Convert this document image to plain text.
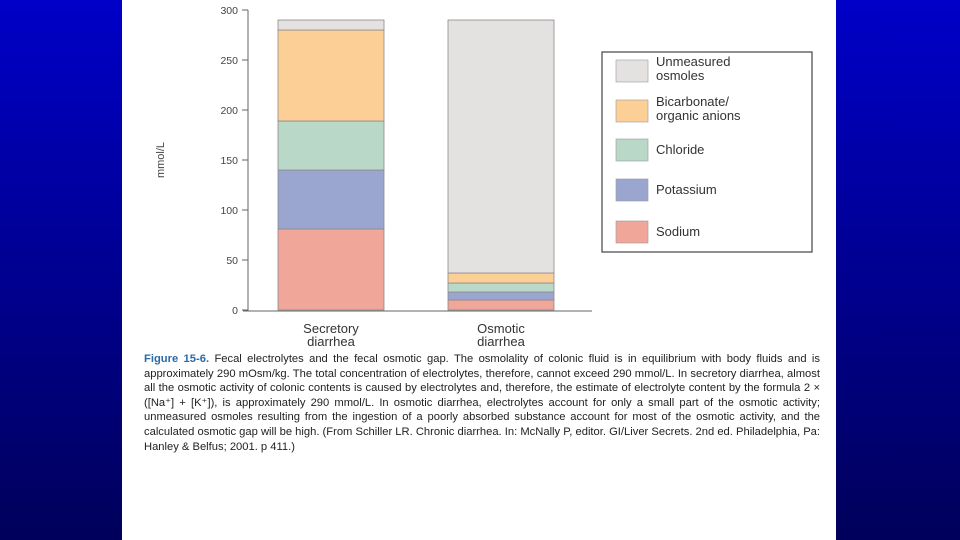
0
50
100
150
200
250
300
mmol/L
Secretory diarrhea
Osmotic diarrhea
Unmeasured osmoles
Bicarbonate/ organic anions
Chloride
Potassium
Sodium
Figure 15-6. Fecal electrolytes and the fecal osmotic gap. The osmolality of colonic fluid is in equilibrium with body fluids and is approximately 290 mOsm/kg. The total concentration of electrolytes, therefore, cannot exceed 290 mmol/L. In secretory diarrhea, almost all the osmotic activity of colonic contents is caused by electrolytes and, therefore, the estimate of electrolyte content by the formula 2 × ([Na⁺] + [K⁺]), is approximately 290 mmol/L. In osmotic diarrhea, electrolytes account for only a small part of the osmotic activity; unmeasured osmoles resulting from the ingestion of a poorly absorbed substance account for most of the osmotic activity, and the calculated osmotic gap will be high. (From Schiller LR. Chronic diarrhea. In: McNally P, editor. GI/Liver Secrets. 2nd ed. Philadelphia, Pa: Hanley & Belfus; 2001. p 411.)
